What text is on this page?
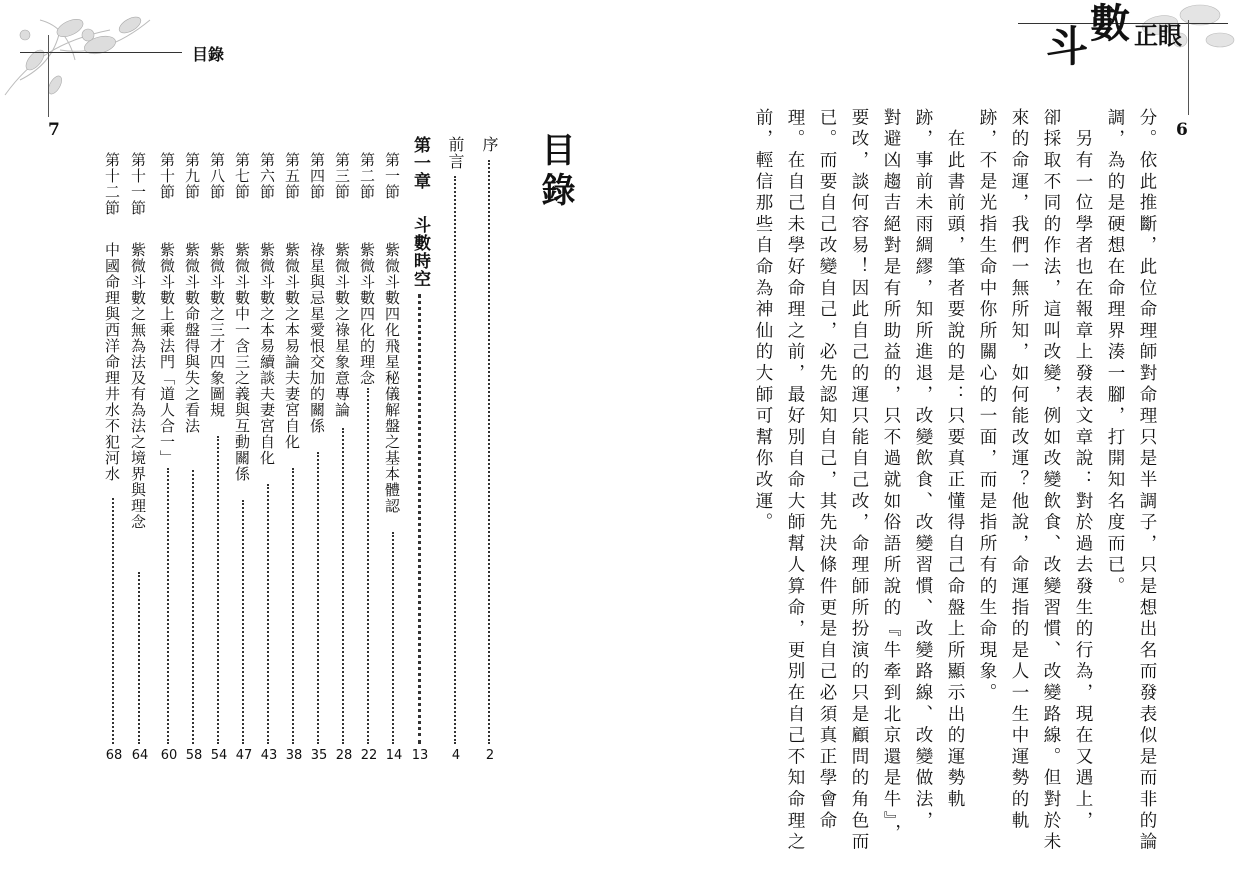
目錄
7
目錄
序
2
前言
4
第一章
斗數時空
13
第一節
紫微斗數四化飛星秘儀解盤之基本體認
14
第二節
紫微斗數四化的理念
22
第三節
紫微斗數之祿星象意專論
28
第四節
祿星與忌星愛恨交加的關係
35
第五節
紫微斗數之本易論夫妻宮自化
38
第六節
紫微斗數之本易續談夫妻宮自化
43
第七節
紫微斗數中一含三之義與互動關係
47
第八節
紫微斗數之三才四象圖規
54
第九節
紫微斗數命盤得與失之看法
58
第十節
紫微斗數上乘法門「道人合一」
60
第十一節
紫微斗數之無為法及有為法之境界與理念
64
第十二節
中國命理與西洋命理井水不犯河水
68
斗 數 正眼
6
分。依此推斷，此位命理師對命理只是半調子，只是想出名而發表似是而非的論
調，為的是硬想在命理界湊一腳，打開知名度而已。
　另有一位學者也在報章上發表文章說：對於過去發生的行為，現在又遇上，
卻採取不同的作法，這叫改變，例如改變飲食、改變習慣、改變路線。但對於未
來的命運，我們一無所知，如何能改運？他說，命運指的是人一生中運勢的軌
跡，不是光指生命中你所關心的一面，而是指所有的生命現象。
　在此書前頭，筆者要說的是：只要真正懂得自己命盤上所顯示出的運勢軌
跡，事前未雨綢繆，知所進退，改變飲食、改變習慣、改變路線、改變做法，
對避凶趨吉絕對是有所助益的，只不過就如俗語所說的『牛牽到北京還是牛』，
要改，談何容易！因此自己的運只能自己改，命理師所扮演的只是顧問的角色而
已。而要自己改變自己，必先認知自己，其先決條件更是自己必須真正學會命
理。在自己未學好命理之前，最好別自命大師幫人算命，更別在自己不知命理之
前，輕信那些自命為神仙的大師可幫你改運。
